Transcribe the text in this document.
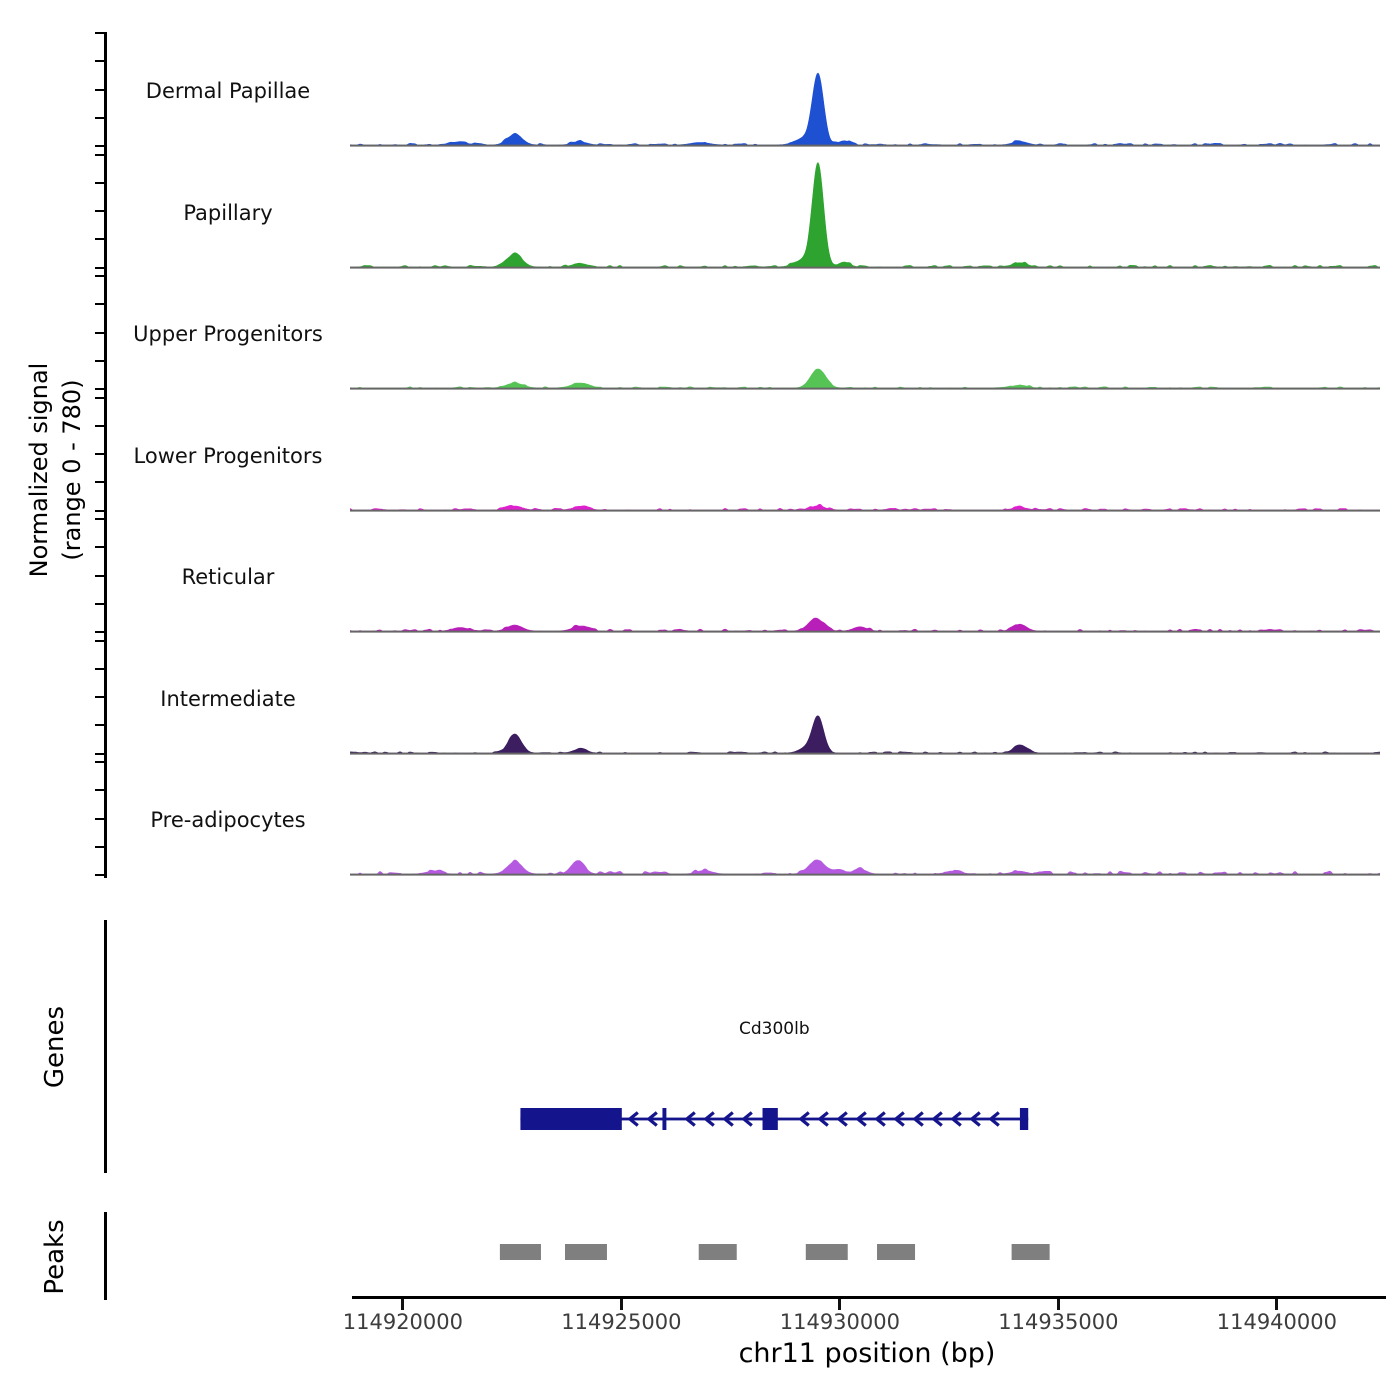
Normalized signal (range 0 - 780)
Dermal Papillae
Papillary
Upper Progenitors
Lower Progenitors
Reticular
Intermediate
Pre-adipocytes
Genes	Cd300lb
Peaks
114920000	114925000	114930000	114935000	114940000
chr11 position (bp)
